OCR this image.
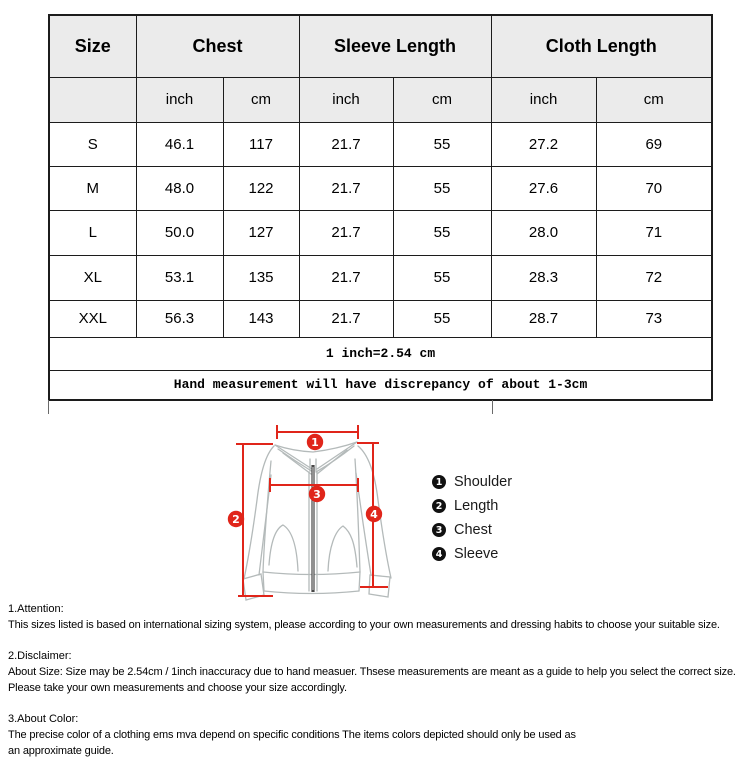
Size	Chest		Sleeve Length		Cloth Length	
	inch	cm	inch	cm	inch	cm
S	46.1	117	21.7	55	27.2	69
M	48.0	122	21.7	55	27.6	70
L	50.0	127	21.7	55	28.0	71
XL	53.1	135	21.7	55	28.3	72
XXL	56.3	143	21.7	55	28.7	73
1 inch=2.54 cm						
Hand measurement will have discrepancy of about 1-3cm						
1
2
3
4
1 Shoulder
2 Length
3 Chest
4 Sleeve
1.Attention:
This sizes listed is based on international sizing system, please according to your own measurements and dressing habits to choose your suitable size.
2.Disclaimer:
About Size: Size may be 2.54cm / 1inch inaccuracy due to hand measuer. Thsese measurements are meant as a guide to help you select the correct size.
Please take your own measurements and choose your size accordingly.
3.About Color:
The precise color of a clothing ems mva depend on specific conditions The items colors depicted should only be used as
an approximate guide.
